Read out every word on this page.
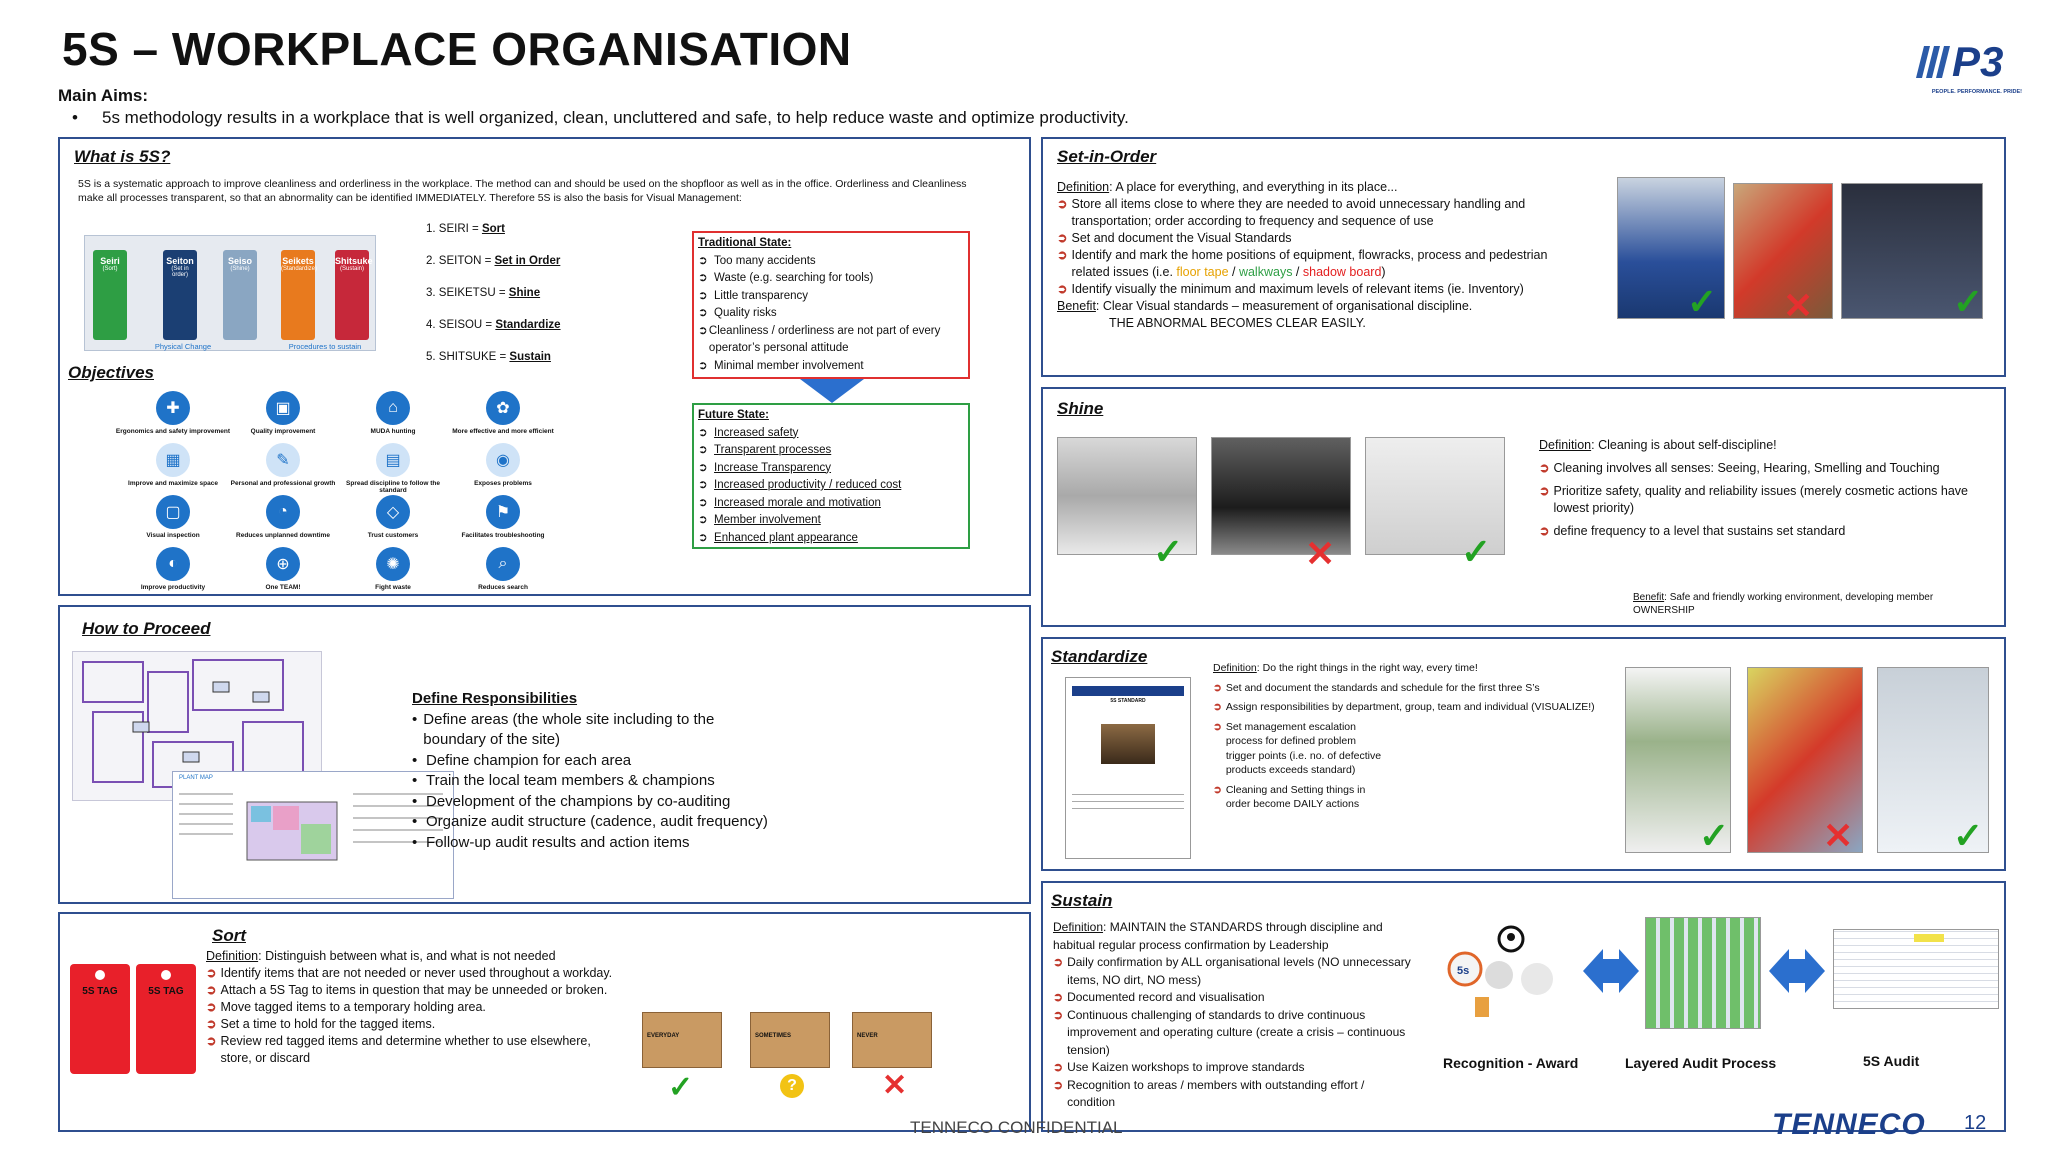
5S – WORKPLACE ORGANISATION
Main Aims:
• 5s methodology results in a workplace that is well organized, clean, uncluttered and safe, to help reduce waste and optimize productivity.
P3
PEOPLE. PERFORMANCE. PRIDE!
What is 5S?
5S is a systematic approach to improve cleanliness and orderliness in the workplace. The method can and should be used on the shopfloor as well as in the office. Orderliness and Cleanliness make all processes transparent, so that an abnormality can be identified IMMEDIATELY. Therefore 5S is also the basis for Visual Management:
Seiri
(Sort)
Seiton
(Set in order)
Seiso
(Shine)
Seikets
(Standardize)
Shitsuke
(Sustain)
Physical Change	Procedures to sustain
1. SEIRI = Sort
2. SEITON = Set in Order
3. SEIKETSU = Shine
4. SEISOU = Standardize
5. SHITSUKE = Sustain
Traditional State:
➲  Too many accidents
➲  Waste (e.g. searching for tools)
➲  Little transparency
➲  Quality risks
➲
Cleanliness / orderliness are not part of every operator’s personal attitude
➲  Minimal member involvement
Future State:
➲  Increased safety
➲  Transparent processes
➲  Increase Transparency
➲  Increased productivity / reduced cost
➲  Increased morale and motivation
➲  Member involvement
➲  Enhanced plant appearance
Objectives
✚
Ergonomics and safety improvement
▣
Quality improvement
⌂
MUDA hunting
✿
More effective and more efficient
▦
Improve and maximize space
✎
Personal and professional growth
▤
Spread discipline to follow the standard
◉
Exposes problems
▢
Visual inspection
◔
Reduces unplanned downtime
◇
Trust customers
⚑
Facilitates troubleshooting
◐
Improve productivity
⊕
One TEAM!
✺
Fight waste
⌕
Reduces search
How to Proceed
PLANT MAP
Define Responsibilities
• Define areas (the whole site including to the boundary of the site)
• Define champion for each area
• Train the local team members & champions
• Development of the champions by co-auditing
• Organize audit structure (cadence, audit frequency)
• Follow-up audit results and action items
Sort
5S TAG	5S TAG
Definition: Distinguish between what is, and what is not needed
➲ Identify items that are not needed or never used throughout a workday.
➲ Attach a 5S Tag to items in question that may be unneeded or broken.
➲ Move tagged items to a temporary holding area.
➲ Set a time to hold for the tagged items.
➲ Review red tagged items and determine whether to use elsewhere, store, or discard
EVERYDAY	SOMETIMES	NEVER
✓	?	✕
Set-in-Order
Definition: A place for everything, and everything in its place...
➲ Store all items close to where they are needed to avoid unnecessary handling and transportation; order according to frequency and sequence of use
➲ Set and document the Visual Standards
➲ Identify and mark the home positions of equipment, flowracks, process and pedestrian related issues (i.e. floor tape / walkways / shadow board)
➲ Identify visually the minimum and maximum levels of relevant items (ie. Inventory)
Benefit: Clear Visual standards – measurement of organisational discipline.
THE ABNORMAL BECOMES CLEAR EASILY.
✓ ✕	✓
Shine
✓	✕	✓
Definition: Cleaning is about self-discipline!
➲ Cleaning involves all senses: Seeing, Hearing, Smelling and Touching
➲ Prioritize safety, quality and reliability issues (merely cosmetic actions have lowest priority)
➲ define frequency to a level that sustains set standard
Benefit: Safe and friendly working environment, developing member OWNERSHIP
Standardize
5S STANDARD
Definition: Do the right things in the right way, every time!
➲ Set and document the standards and schedule for the first three S’s
➲ Assign responsibilities by department, group, team and individual (VISUALIZE!)
➲ Set management escalation process for defined problem trigger points (i.e. no. of defective products exceeds standard)
➲ Cleaning and Setting things in order become DAILY actions
✓	✕	✓
Sustain
Definition: MAINTAIN the STANDARDS through discipline and habitual regular process confirmation by Leadership
➲ Daily confirmation by ALL organisational levels (NO unnecessary items, NO dirt, NO mess)
➲ Documented record and visualisation
➲ Continuous challenging of standards to drive continuous improvement and operating culture (create a crisis – continuous tension)
➲ Use Kaizen workshops to improve standards
➲ Recognition to areas / members with outstanding effort / condition
5s
Recognition - Award	Layered Audit Process	5S Audit
TENNECO CONFIDENTIAL	TENNECO 12
